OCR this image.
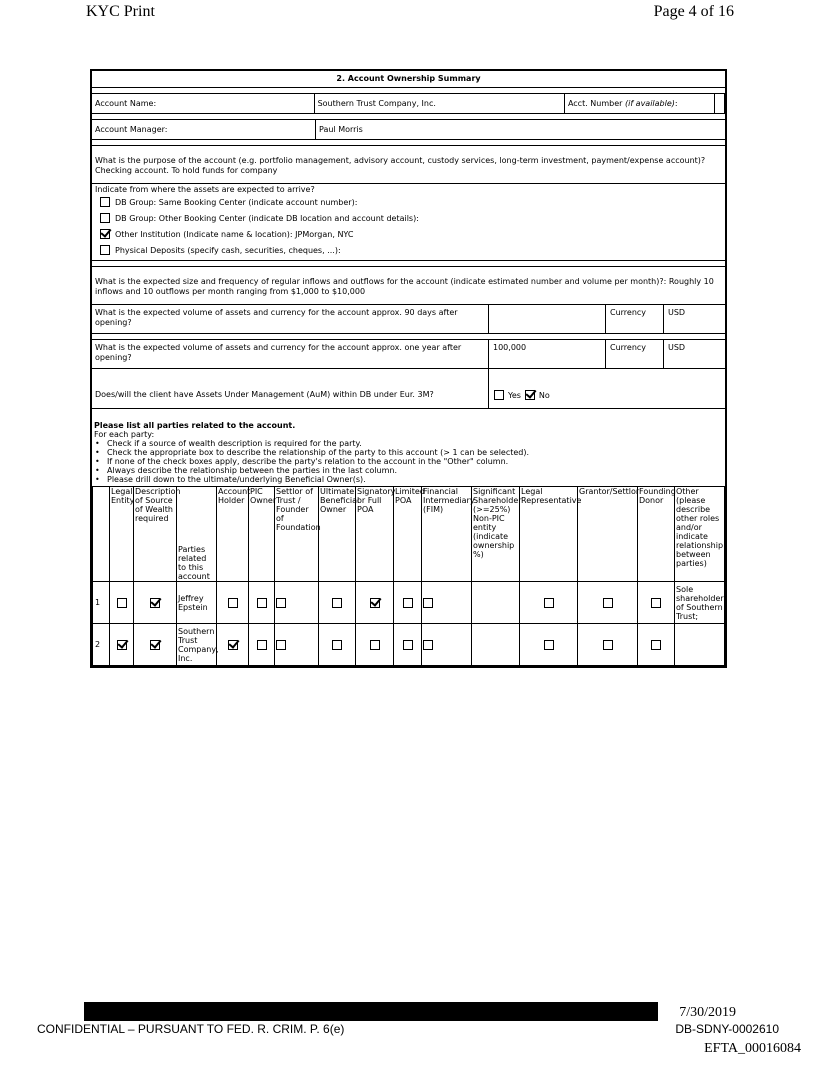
KYC Print	Page 4 of 16
2. Account Ownership Summary
Account Name:	Southern Trust Company, Inc.	Acct. Number (if available):
Account Manager:	Paul Morris
What is the purpose of the account (e.g. portfolio management, advisory account, custody services, long-term investment, payment/expense account)? Checking account. To hold funds for company
Indicate from where the assets are expected to arrive?
DB Group: Same Booking Center (indicate account number):
DB Group: Other Booking Center (indicate DB location and account details):
Other Institution (Indicate name & location):
JPMorgan, NYC
Physical Deposits (specify cash, securities, cheques, ...):
What is the expected size and frequency of regular inflows and outflows for the account (indicate estimated number and volume per month)?: Roughly 10 inflows and 10 outflows per month ranging from $1,000 to $10,000
What is the expected volume of assets and currency for the account approx. 90 days after opening?
Currency	USD
What is the expected volume of assets and currency for the account approx. one year after opening?
100,000	Currency	USD
Does/will the client have Assets Under Management (AuM) within DB under Eur. 3M?	Yes No
Please list all parties related to the account.
For each party:
• Check if a source of wealth description is required for the party.
• Check the appropriate box to describe the relationship of the party to this account (> 1 can be selected).
• If none of the check boxes apply, describe the party's relation to the account in the "Other" column.
• Always describe the relationship between the parties in the last column.
• Please drill down to the ultimate/underlying Beneficial Owner(s).
	Legal Entity	Description of Source of Wealth required	Parties related to this account	Account Holder	PIC Owner	Settlor of Trust / Founder of Foundation	Ultimate Beneficial Owner	Signatory or Full POA	Limited POA	Financial Intermediary (FIM)	Significant Shareholder (>=25%) Non-PIC entity (indicate ownership %)	Legal Representative	Grantor/Settlor	Founding Donor	Other (please describe other roles and/or indicate relationship between parties)
1			Jeffrey Epstein												Sole shareholder of Southern Trust;
2			Southern Trust Company, Inc.												
7/30/2019
CONFIDENTIAL – PURSUANT TO FED. R. CRIM. P. 6(e)	DB-SDNY-0002610
EFTA_00016084
